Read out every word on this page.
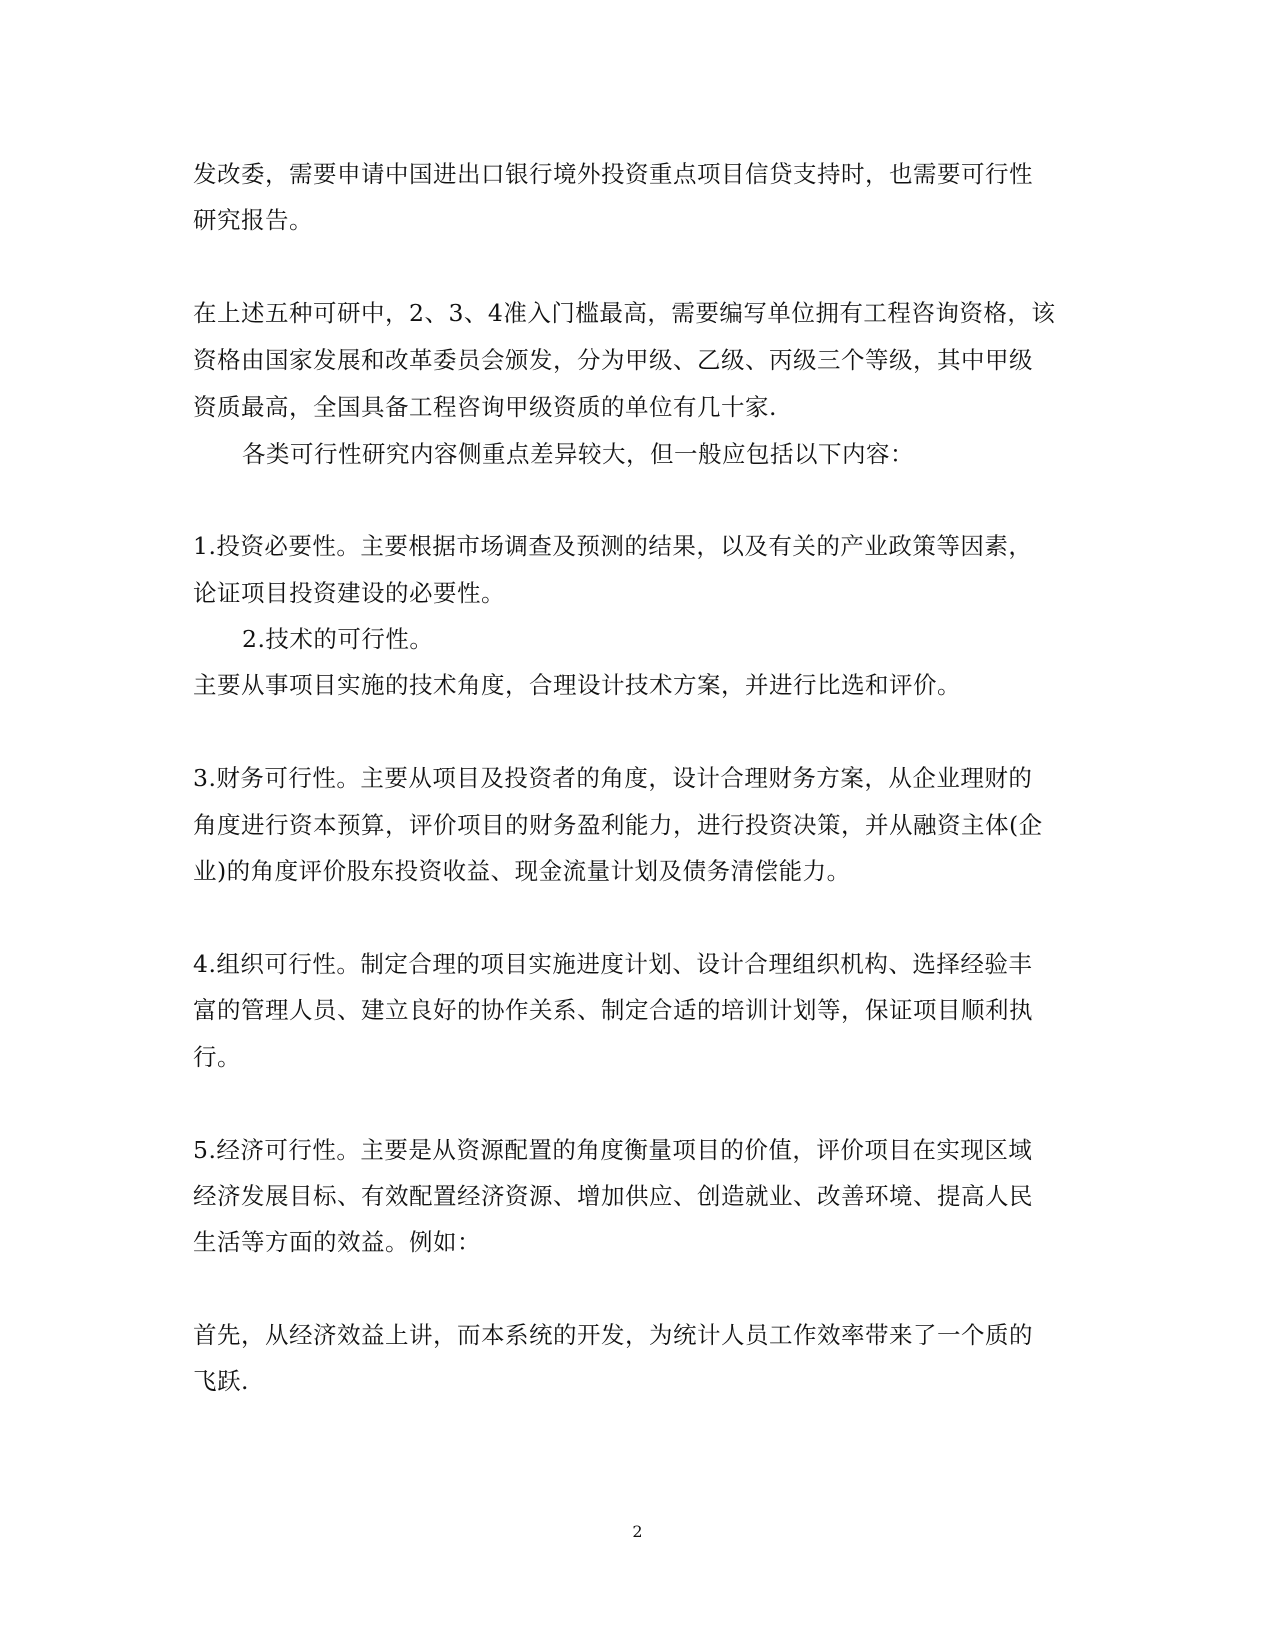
发改委，需要申请中国进出口银行境外投资重点项目信贷支持时，也需要可行性
研究报告。
在上述五种可研中，2、3、4准入门槛最高，需要编写单位拥有工程咨询资格，该
资格由国家发展和改革委员会颁发，分为甲级、乙级、丙级三个等级，其中甲级
资质最高，全国具备工程咨询甲级资质的单位有几十家.
各类可行性研究内容侧重点差异较大，但一般应包括以下内容：
1.投资必要性。主要根据市场调查及预测的结果，以及有关的产业政策等因素，
论证项目投资建设的必要性。
2.技术的可行性。
主要从事项目实施的技术角度，合理设计技术方案，并进行比选和评价。
3.财务可行性。主要从项目及投资者的角度，设计合理财务方案，从企业理财的
角度进行资本预算，评价项目的财务盈利能力，进行投资决策，并从融资主体(企
业)的角度评价股东投资收益、现金流量计划及债务清偿能力。
4.组织可行性。制定合理的项目实施进度计划、设计合理组织机构、选择经验丰
富的管理人员、建立良好的协作关系、制定合适的培训计划等，保证项目顺利执
行。
5.经济可行性。主要是从资源配置的角度衡量项目的价值，评价项目在实现区域
经济发展目标、有效配置经济资源、增加供应、创造就业、改善环境、提高人民
生活等方面的效益。例如：
首先，从经济效益上讲，而本系统的开发，为统计人员工作效率带来了一个质的
飞跃.
2
